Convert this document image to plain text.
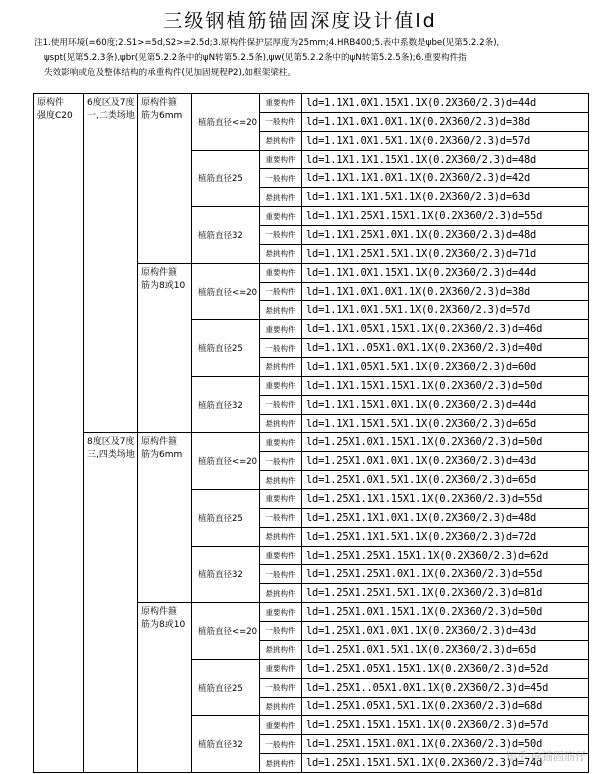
三级钢植筋锚固深度设计值ld
注1.使用环境(=60度;2.S1>=5d,S2>=2.5d;3.原构件保护层厚度为25mm;4.HRB400;5.表中系数是ψbe(见第5.2.2条),
ψspt(见第5.2.3条),ψbr(见第5.2.2条中的ψN转第5.2.5条),ψw(见第5.2.2条中的ψN转第5.2.5条);6.重要构件指
失效影响或危及整体结构的承重构件(见加固规程P2),如框架梁柱。
原构件
强度C20	6度区及7度
一,二类场地	原构件箍
筋为6mm	植筋直径<=20	重要构件	ld=1.1X1.0X1.15X1.1X(0.2X360/2.3)d=44d
				一般构件	ld=1.1X1.0X1.0X1.1X(0.2X360/2.3)d=38d
				悬挑构件	ld=1.1X1.0X1.5X1.1X(0.2X360/2.3)d=57d
			植筋直径25	重要构件	ld=1.1X1.1X1.15X1.1X(0.2X360/2.3)d=48d
				一般构件	ld=1.1X1.1X1.0X1.1X(0.2X360/2.3)d=42d
				悬挑构件	ld=1.1X1.1X1.5X1.1X(0.2X360/2.3)d=63d
			植筋直径32	重要构件	ld=1.1X1.25X1.15X1.1X(0.2X360/2.3)d=55d
				一般构件	ld=1.1X1.25X1.0X1.1X(0.2X360/2.3)d=48d
				悬挑构件	ld=1.1X1.25X1.5X1.1X(0.2X360/2.3)d=71d
		原构件箍
筋为8或10	植筋直径<=20	重要构件	ld=1.1X1.0X1.15X1.1X(0.2X360/2.3)d=44d
				一般构件	ld=1.1X1.0X1.0X1.1X(0.2X360/2.3)d=38d
				悬挑构件	ld=1.1X1.0X1.5X1.1X(0.2X360/2.3)d=57d
			植筋直径25	重要构件	ld=1.1X1.05X1.15X1.1X(0.2X360/2.3)d=46d
				一般构件	ld=1.1X1..05X1.0X1.1X(0.2X360/2.3)d=40d
				悬挑构件	ld=1.1X1.05X1.5X1.1X(0.2X360/2.3)d=60d
			植筋直径32	重要构件	ld=1.1X1.15X1.15X1.1X(0.2X360/2.3)d=50d
				一般构件	ld=1.1X1.15X1.0X1.1X(0.2X360/2.3)d=44d
				悬挑构件	ld=1.1X1.15X1.5X1.1X(0.2X360/2.3)d=65d
	8度区及7度
三,四类场地	原构件箍
筋为6mm	植筋直径<=20	重要构件	ld=1.25X1.0X1.15X1.1X(0.2X360/2.3)d=50d
				一般构件	ld=1.25X1.0X1.0X1.1X(0.2X360/2.3)d=43d
				悬挑构件	ld=1.25X1.0X1.5X1.1X(0.2X360/2.3)d=65d
			植筋直径25	重要构件	ld=1.25X1.1X1.15X1.1X(0.2X360/2.3)d=55d
				一般构件	ld=1.25X1.1X1.0X1.1X(0.2X360/2.3)d=48d
				悬挑构件	ld=1.25X1.1X1.5X1.1X(0.2X360/2.3)d=72d
			植筋直径32	重要构件	ld=1.25X1.25X1.15X1.1X(0.2X360/2.3)d=62d
				一般构件	ld=1.25X1.25X1.0X1.1X(0.2X360/2.3)d=55d
				悬挑构件	ld=1.25X1.25X1.5X1.1X(0.2X360/2.3)d=81d
		原构件箍
筋为8或10	植筋直径<=20	重要构件	ld=1.25X1.0X1.15X1.1X(0.2X360/2.3)d=50d
				一般构件	ld=1.25X1.0X1.0X1.1X(0.2X360/2.3)d=43d
				悬挑构件	ld=1.25X1.0X1.5X1.1X(0.2X360/2.3)d=65d
			植筋直径25	重要构件	ld=1.25X1.05X1.15X1.1X(0.2X360/2.3)d=52d
				一般构件	ld=1.25X1..05X1.0X1.1X(0.2X360/2.3)d=45d
				悬挑构件	ld=1.25X1.05X1.5X1.1X(0.2X360/2.3)d=68d
			植筋直径32	重要构件	ld=1.25X1.15X1.15X1.1X(0.2X360/2.3)d=57d
				一般构件	ld=1.25X1.15X1.0X1.1X(0.2X360/2.3)d=50d
				悬挑构件	ld=1.25X1.15X1.5X1.1X(0.2X360/2.3)d=74d
知乎 @锚固筋仔
